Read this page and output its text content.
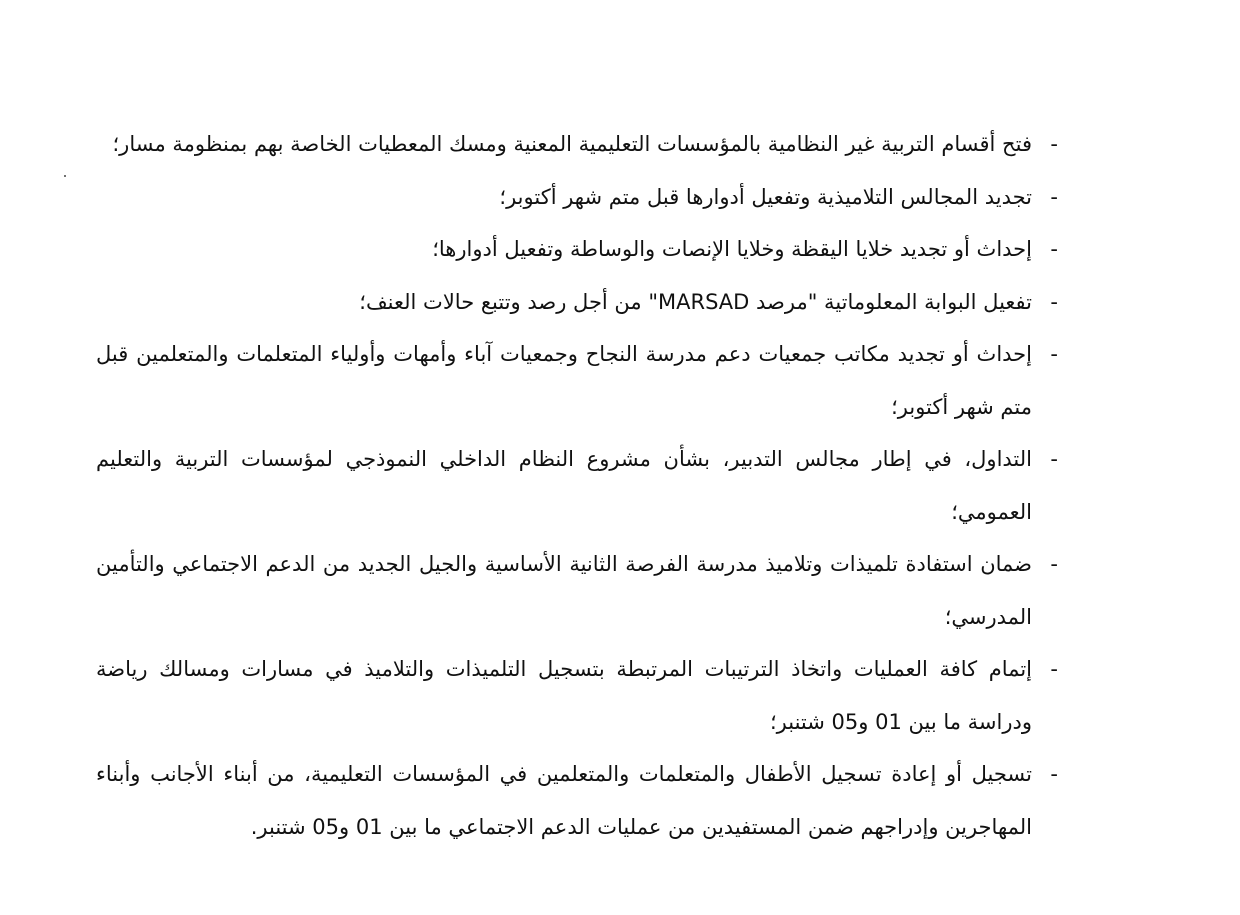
-
فتح أقسام التربية غير النظامية بالمؤسسات التعليمية المعنية ومسك المعطيات الخاصة بهم بمنظومة مسار؛
-
تجديد المجالس التلاميذية وتفعيل أدوارها قبل متم شهر أكتوبر؛
-
إحداث أو تجديد خلايا اليقظة وخلايا الإنصات والوساطة وتفعيل أدوارها؛
-
تفعيل البوابة المعلوماتية "مرصد MARSAD" من أجل رصد وتتبع حالات العنف؛
-
إحداث أو تجديد مكاتب جمعيات دعم مدرسة النجاح وجمعيات آباء وأمهات وأولياء المتعلمات والمتعلمين قبل متم شهر أكتوبر؛
-
التداول، في إطار مجالس التدبير، بشأن مشروع النظام الداخلي النموذجي لمؤسسات التربية والتعليم العمومي؛
-
ضمان استفادة تلميذات وتلاميذ مدرسة الفرصة الثانية الأساسية والجيل الجديد من الدعم الاجتماعي والتأمين المدرسي؛
-
إتمام كافة العمليات واتخاذ الترتيبات المرتبطة بتسجيل التلميذات والتلاميذ في مسارات ومسالك رياضة ودراسة ما بين 01 و05 شتنبر؛
-
تسجيل أو إعادة تسجيل الأطفال والمتعلمات والمتعلمين في المؤسسات التعليمية، من أبناء الأجانب وأبناء المهاجرين وإدراجهم ضمن المستفيدين من عمليات الدعم الاجتماعي ما بين 01 و05 شتنبر.
